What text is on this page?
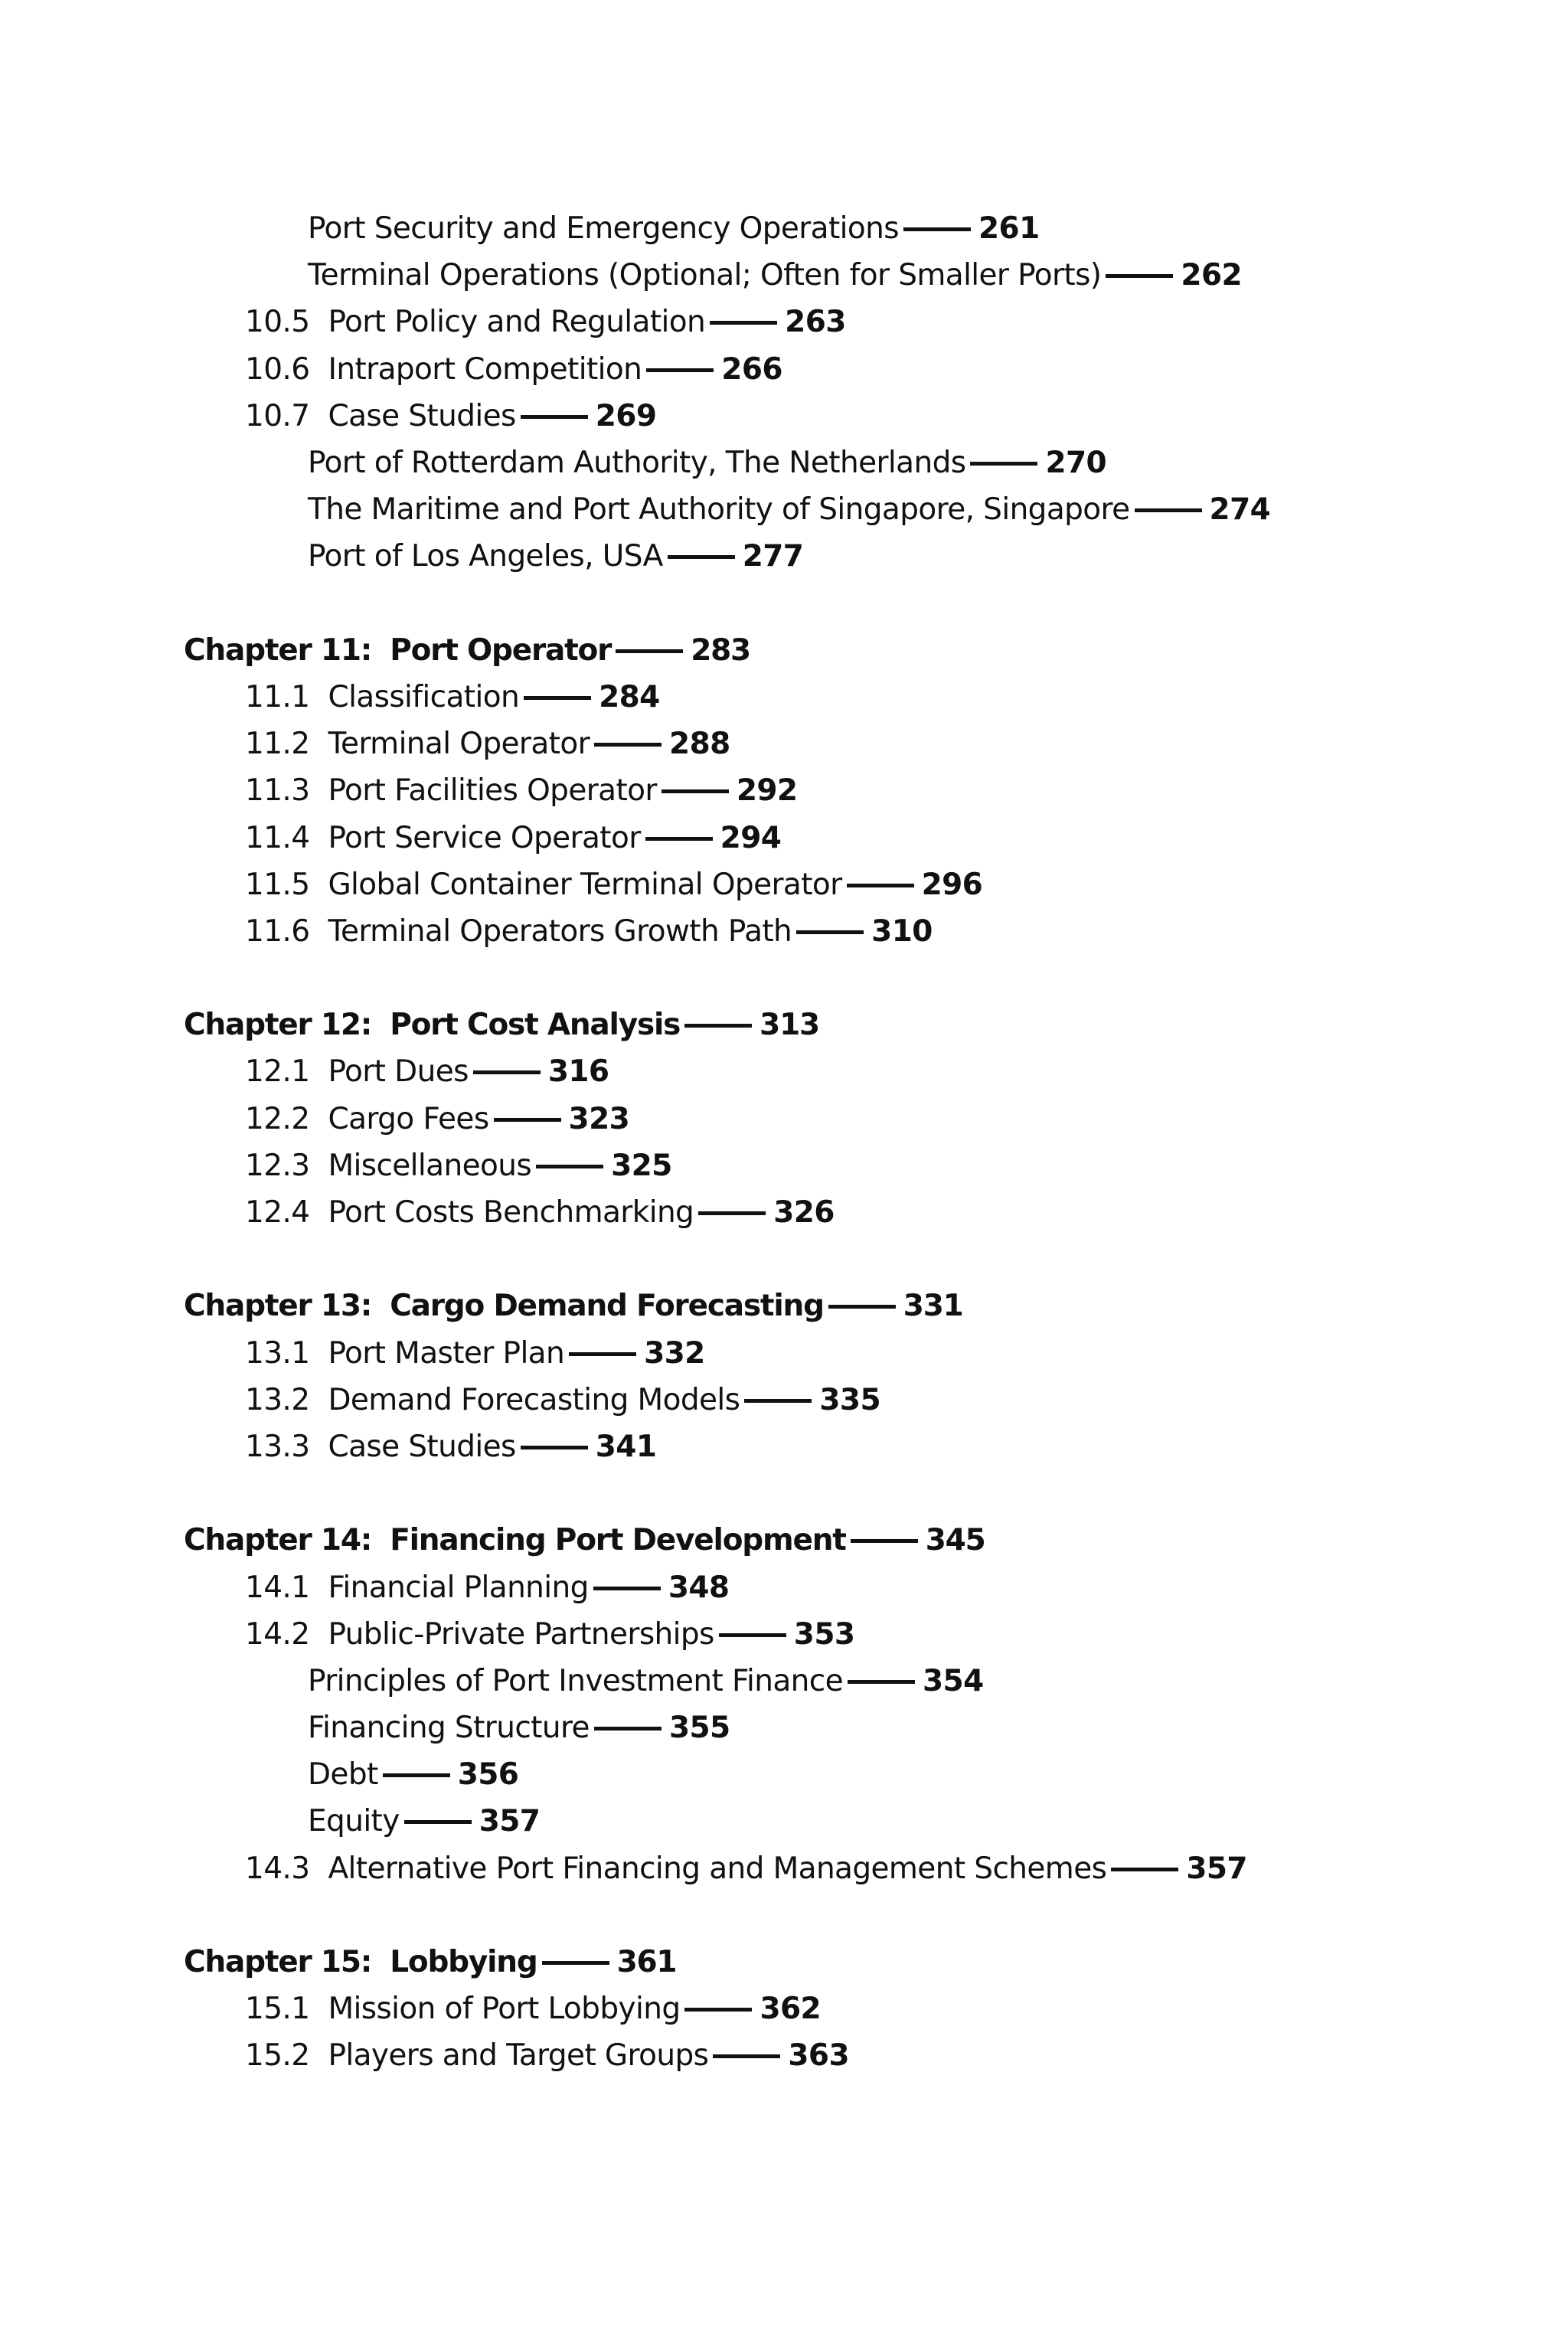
Port Security and Emergency Operations	261
Terminal Operations (Optional; Often for Smaller Ports)	262
10.5 Port Policy and Regulation	263
10.6 Intraport Competition	266
10.7 Case Studies	269
Port of Rotterdam Authority, The Netherlands	270
The Maritime and Port Authority of Singapore, Singapore	274
Port of Los Angeles, USA	277
Chapter 11: Port Operator	283
11.1 Classification	284
11.2 Terminal Operator	288
11.3 Port Facilities Operator	292
11.4 Port Service Operator	294
11.5 Global Container Terminal Operator	296
11.6 Terminal Operators Growth Path	310
Chapter 12: Port Cost Analysis	313
12.1 Port Dues	316
12.2 Cargo Fees	323
12.3 Miscellaneous	325
12.4 Port Costs Benchmarking	326
Chapter 13: Cargo Demand Forecasting	331
13.1 Port Master Plan	332
13.2 Demand Forecasting Models	335
13.3 Case Studies	341
Chapter 14: Financing Port Development	345
14.1 Financial Planning	348
14.2 Public-Private Partnerships	353
Principles of Port Investment Finance	354
Financing Structure	355
Debt	356
Equity	357
14.3 Alternative Port Financing and Management Schemes	357
Chapter 15: Lobbying	361
15.1 Mission of Port Lobbying	362
15.2 Players and Target Groups	363
